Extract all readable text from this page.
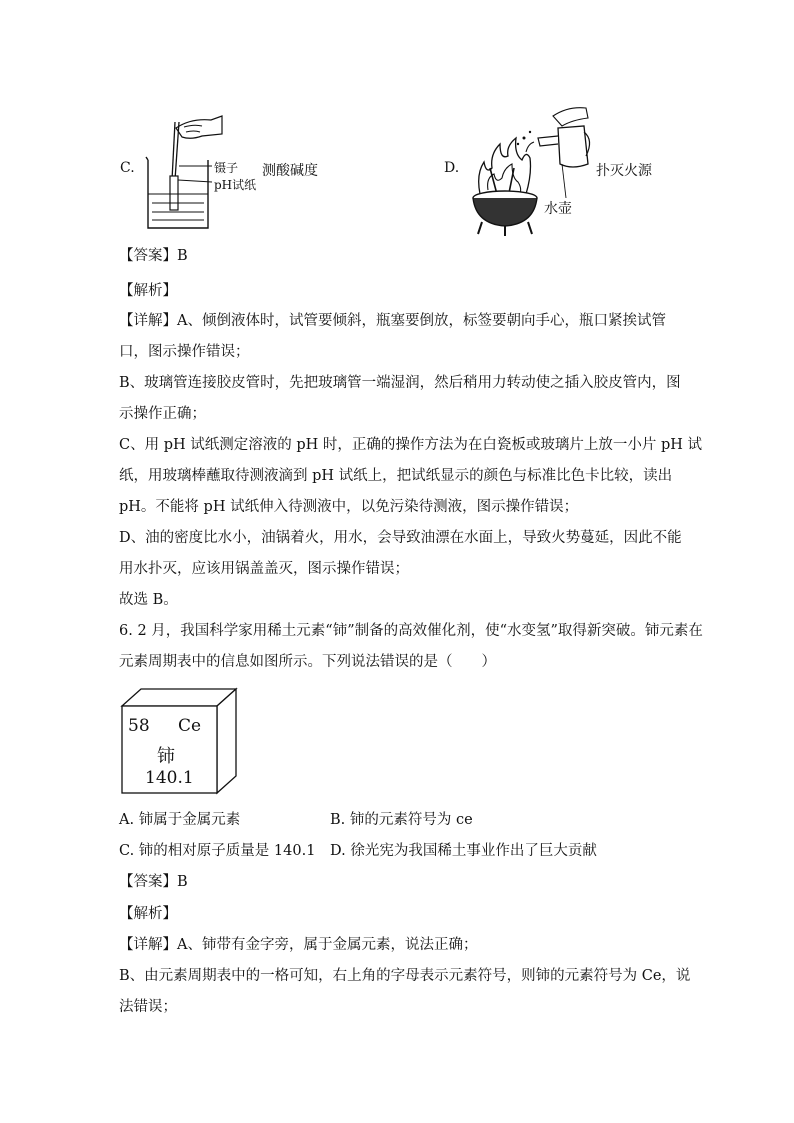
C.	镊子
pH试纸
测酸碱度	D.
水壶
扑灭火源
【答案】B
【解析】
【详解】A、倾倒液体时，试管要倾斜，瓶塞要倒放，标签要朝向手心，瓶口紧挨试管
口，图示操作错误；
B、玻璃管连接胶皮管时，先把玻璃管一端湿润，然后稍用力转动使之插入胶皮管内，图
示操作正确；
C、用 pH 试纸测定溶液的 pH 时，正确的操作方法为在白瓷板或玻璃片上放一小片 pH 试
纸，用玻璃棒蘸取待测液滴到 pH 试纸上，把试纸显示的颜色与标准比色卡比较，读出
pH。不能将 pH 试纸伸入待测液中，以免污染待测液，图示操作错误；
D、油的密度比水小，油锅着火，用水，会导致油漂在水面上，导致火势蔓延，因此不能
用水扑灭，应该用锅盖盖灭，图示操作错误；
故选 B。
6. 2 月，我国科学家用稀土元素“铈”制备的高效催化剂，使“水变氢”取得新突破。铈元素在
元素周期表中的信息如图所示。下列说法错误的是（　　）
58 Ce
铈
140.1
A. 铈属于金属元素	B. 铈的元素符号为 ce
C. 铈的相对原子质量是 140.1 D. 徐光宪为我国稀土事业作出了巨大贡献
【答案】B
【解析】
【详解】A、铈带有金字旁，属于金属元素，说法正确；
B、由元素周期表中的一格可知，右上角的字母表示元素符号，则铈的元素符号为 Ce，说
法错误；
